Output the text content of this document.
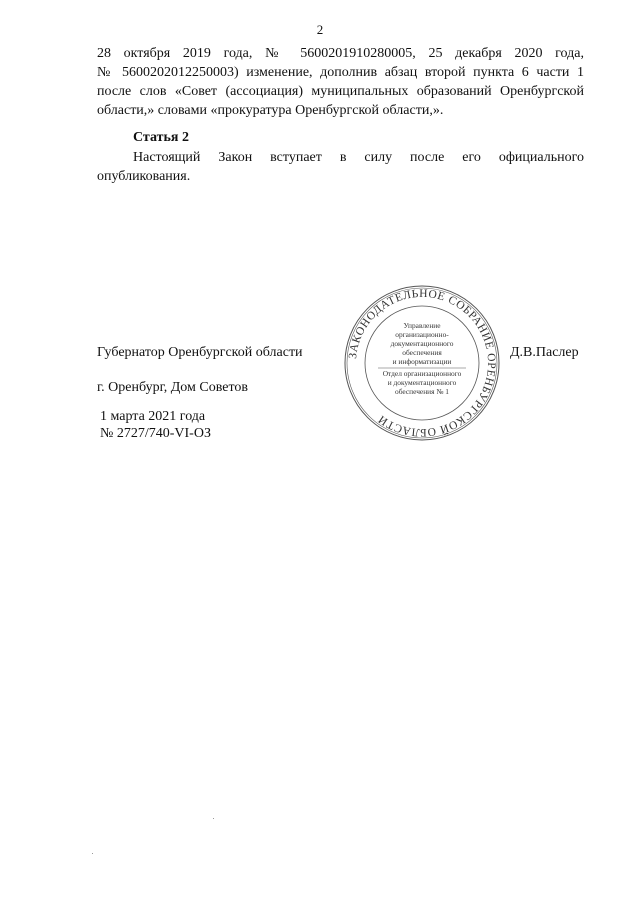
2
28 октября 2019 года, № 5600201910280005, 25 декабря 2020 года,
№ 5600202012250003) изменение, дополнив абзац второй пункта 6 части 1
после слов «Совет (ассоциация) муниципальных образований Оренбургской
области,» словами «прокуратура Оренбургской области,».
Статья 2
Настоящий Закон вступает в силу после его официального
опубликования.
Губернатор Оренбургской области	Д.В.Паслер
г. Оренбург, Дом Советов
1 марта 2021 года
№ 2727/740-VI-ОЗ
ЗАКОНОДАТЕЛЬНОЕ СОБРАНИЕ ОРЕНБУРГСКОЙ ОБЛАСТИ
Управление
организационно-
документационного
обеспечения
и информатизации
Отдел организационного
и документационного
обеспечения № 1
